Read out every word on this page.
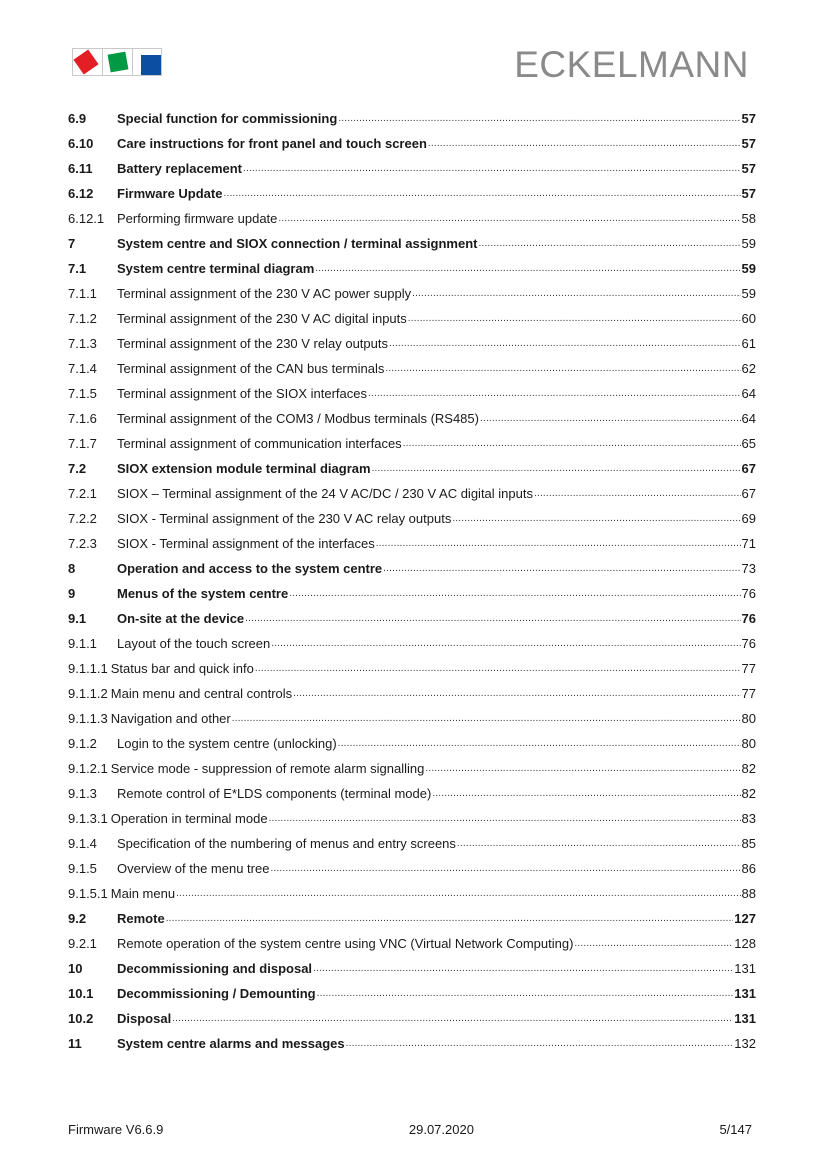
ECKELMANN
6.9	Special function for commissioning .....	57
6.10	Care instructions for front panel and touch screen .....	57
6.11	Battery replacement .....	57
6.12	Firmware Update .....	57
6.12.1 Performing firmware update .....	58
7	System centre and SIOX connection / terminal assignment .....	59
7.1	System centre terminal diagram .....	59
7.1.1	Terminal assignment of the 230 V AC power supply .....	59
7.1.2	Terminal assignment of the 230 V AC digital inputs .....	60
7.1.3	Terminal assignment of the 230 V relay outputs .....	61
7.1.4	Terminal assignment of the CAN bus terminals .....	62
7.1.5	Terminal assignment of the SIOX interfaces .....	64
7.1.6	Terminal assignment of the COM3 / Modbus terminals (RS485) .....	64
7.1.7	Terminal assignment of communication interfaces .....	65
7.2	SIOX extension module terminal diagram .....	67
7.2.1	SIOX – Terminal assignment of the 24 V AC/DC / 230 V AC digital inputs .....	67
7.2.2	SIOX - Terminal assignment of the 230 V AC relay outputs .....	69
7.2.3	SIOX - Terminal assignment of the interfaces .....	71
8	Operation and access to the system centre .....	73
9	Menus of the system centre .....	76
9.1	On-site at the device .....	76
9.1.1	Layout of the touch screen .....	76
9.1.1.1 Status bar and quick info .....	77
9.1.1.2 Main menu and central controls .....	77
9.1.1.3 Navigation and other .....	80
9.1.2	Login to the system centre (unlocking) .....	80
9.1.2.1 Service mode - suppression of remote alarm signalling .....	82
9.1.3	Remote control of E*LDS components (terminal mode) .....	82
9.1.3.1 Operation in terminal mode .....	83
9.1.4	Specification of the numbering of menus and entry screens .....	85
9.1.5	Overview of the menu tree .....	86
9.1.5.1 Main menu .....	88
9.2	Remote .....	127
9.2.1	Remote operation of the system centre using VNC (Virtual Network Computing) .....	128
10	Decommissioning and disposal .....	131
10.1	Decommissioning / Demounting .....	131
10.2	Disposal .....	131
11	System centre alarms and messages .....	132
Firmware V6.6.9	29.07.2020	5/147
